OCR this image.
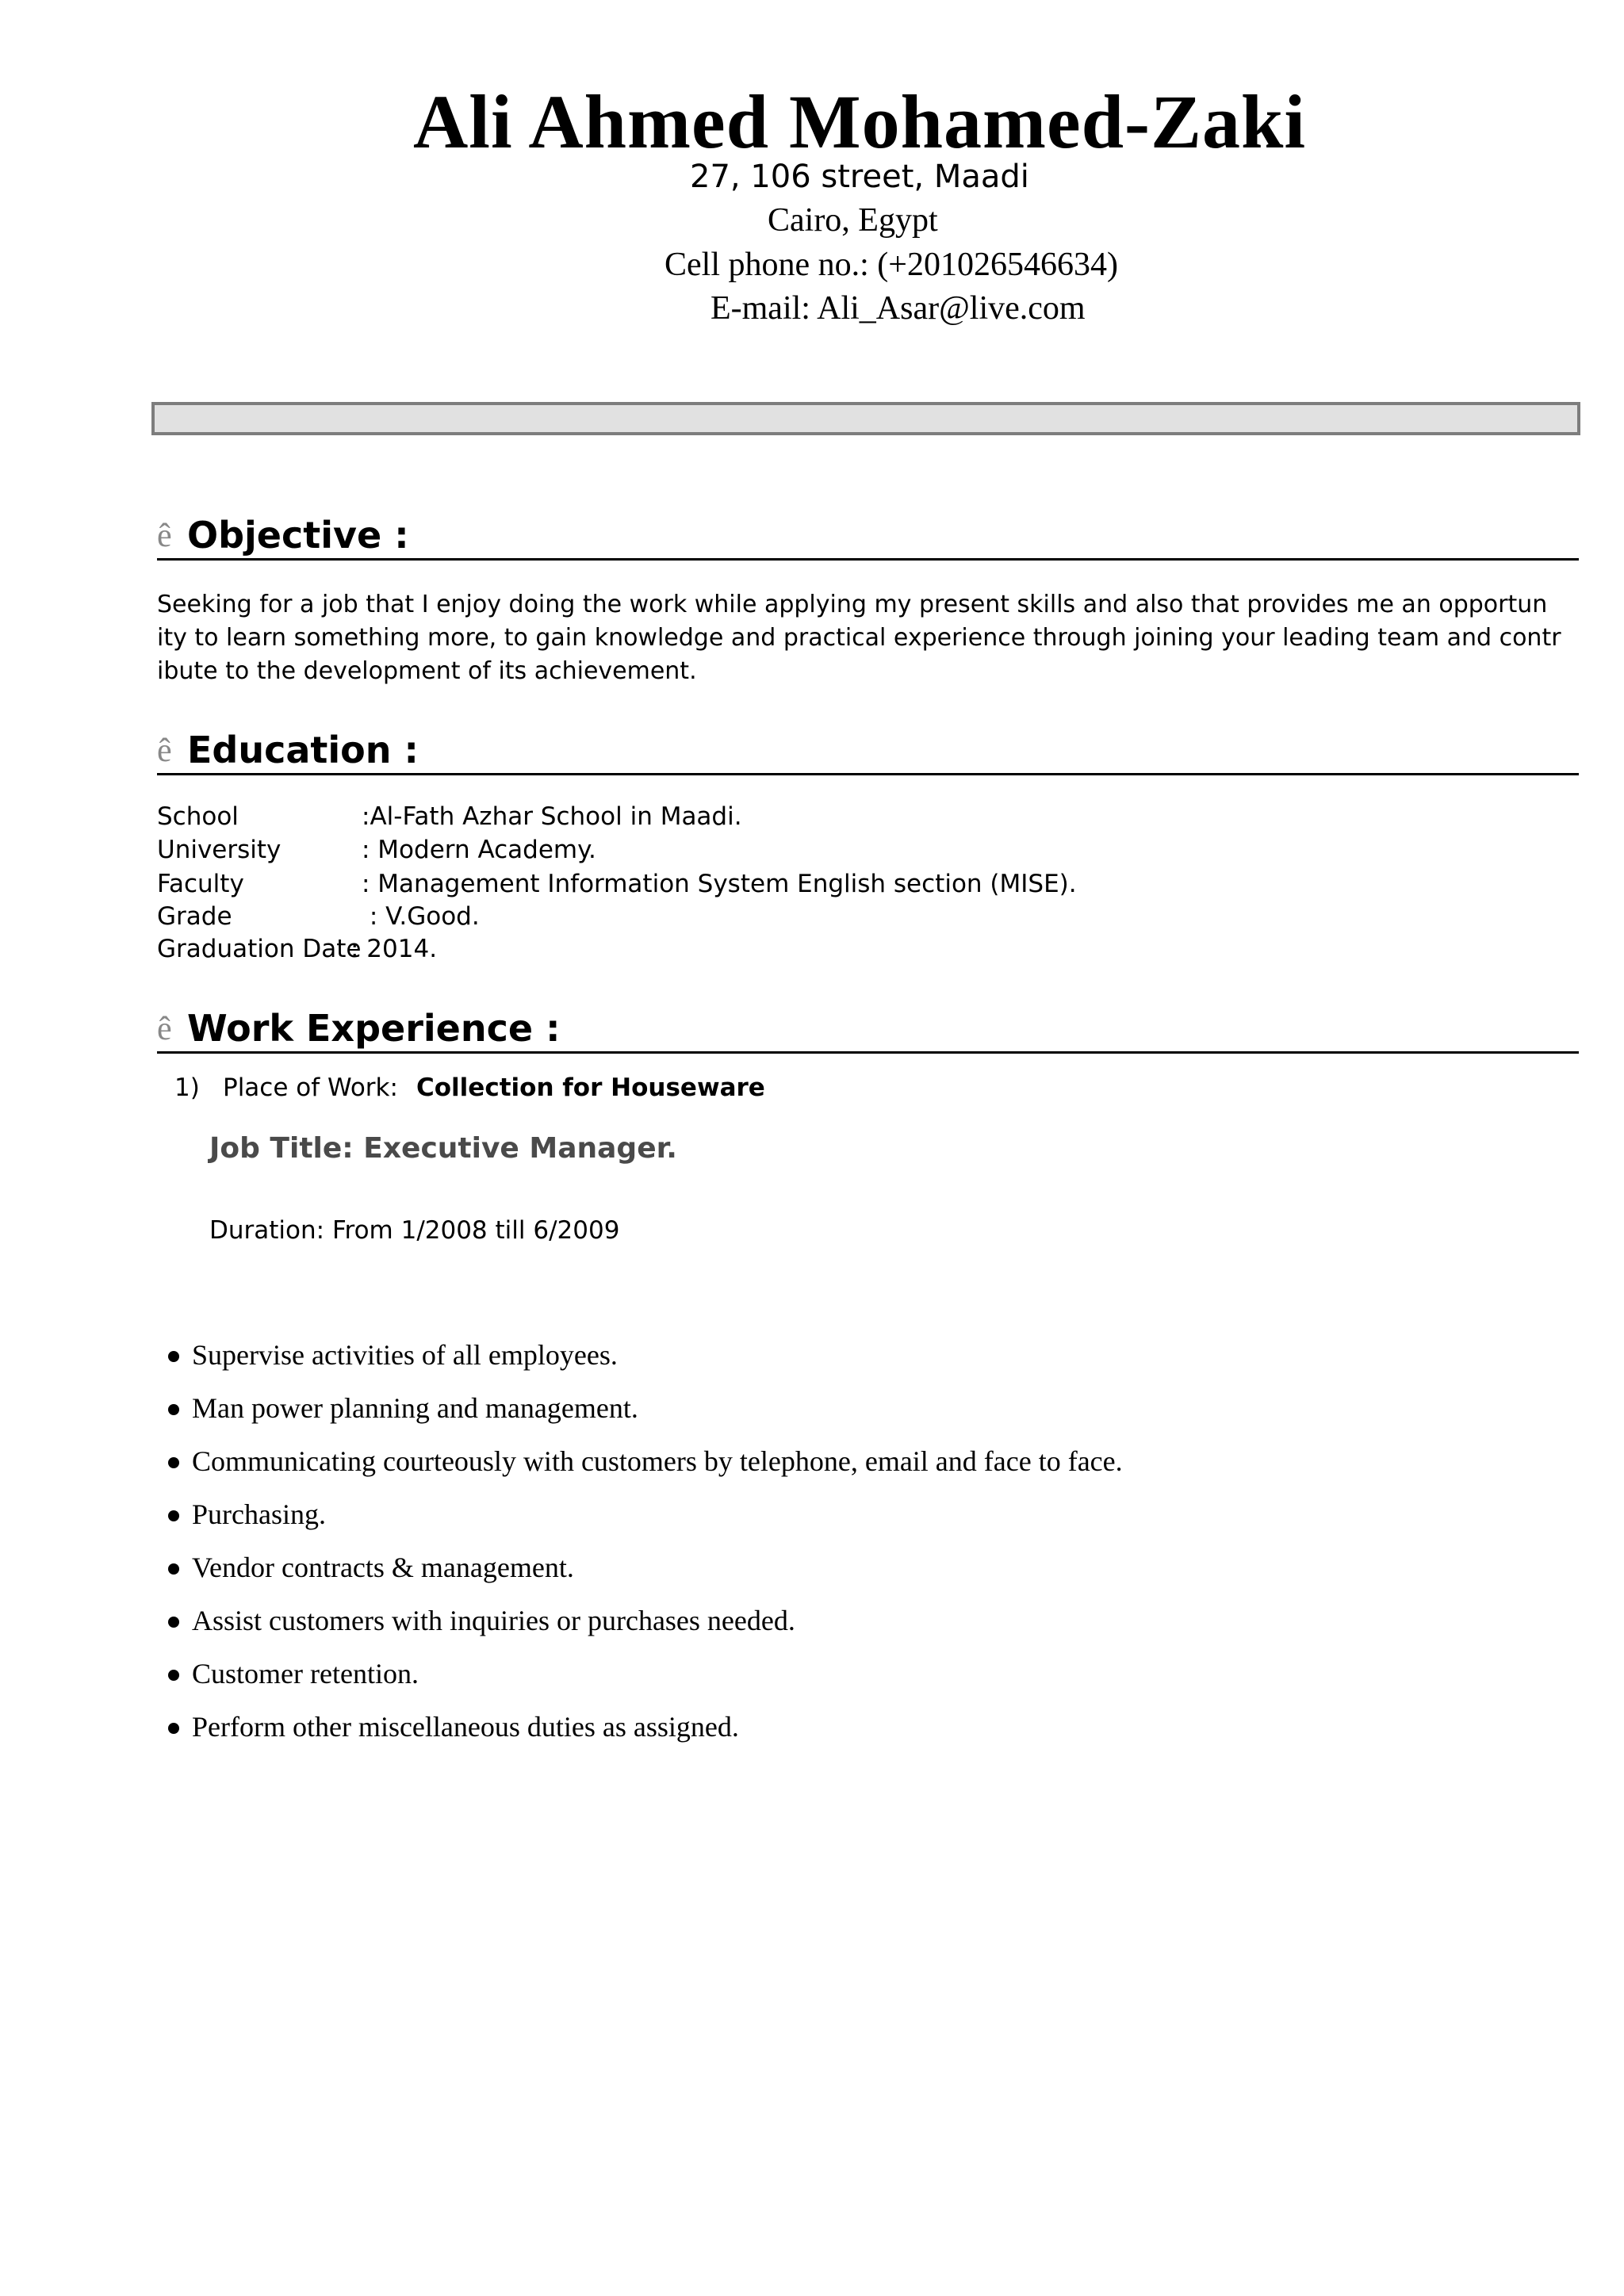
Ali Ahmed Mohamed-Zaki
27, 106 street, Maadi
Cairo, Egypt
Cell phone no.: (+201026546634)
E-mail: Ali_Asar@live.com
ê Objective :
Seeking for a job that I enjoy doing the work while applying my present skills and also that provides me an opportun
ity to learn something more, to gain knowledge and practical experience through joining your leading team and contr
ibute to the development of its achievement.
ê Education :
School	:Al-Fath Azhar School in Maadi.
University	: Modern Academy.
Faculty	: Management Information System English section (MISE).
Grade	: V.Good.
Graduation Date: 2014.
ê Work Experience :
1) Place of Work: Collection for Houseware
Job Title: Executive Manager.
Duration: From 1/2008 till 6/2009
Supervise activities of all employees.
Man power planning and management.
Communicating courteously with customers by telephone, email and face to face.
Purchasing.
Vendor contracts & management.
Assist customers with inquiries or purchases needed.
Customer retention.
Perform other miscellaneous duties as assigned.
